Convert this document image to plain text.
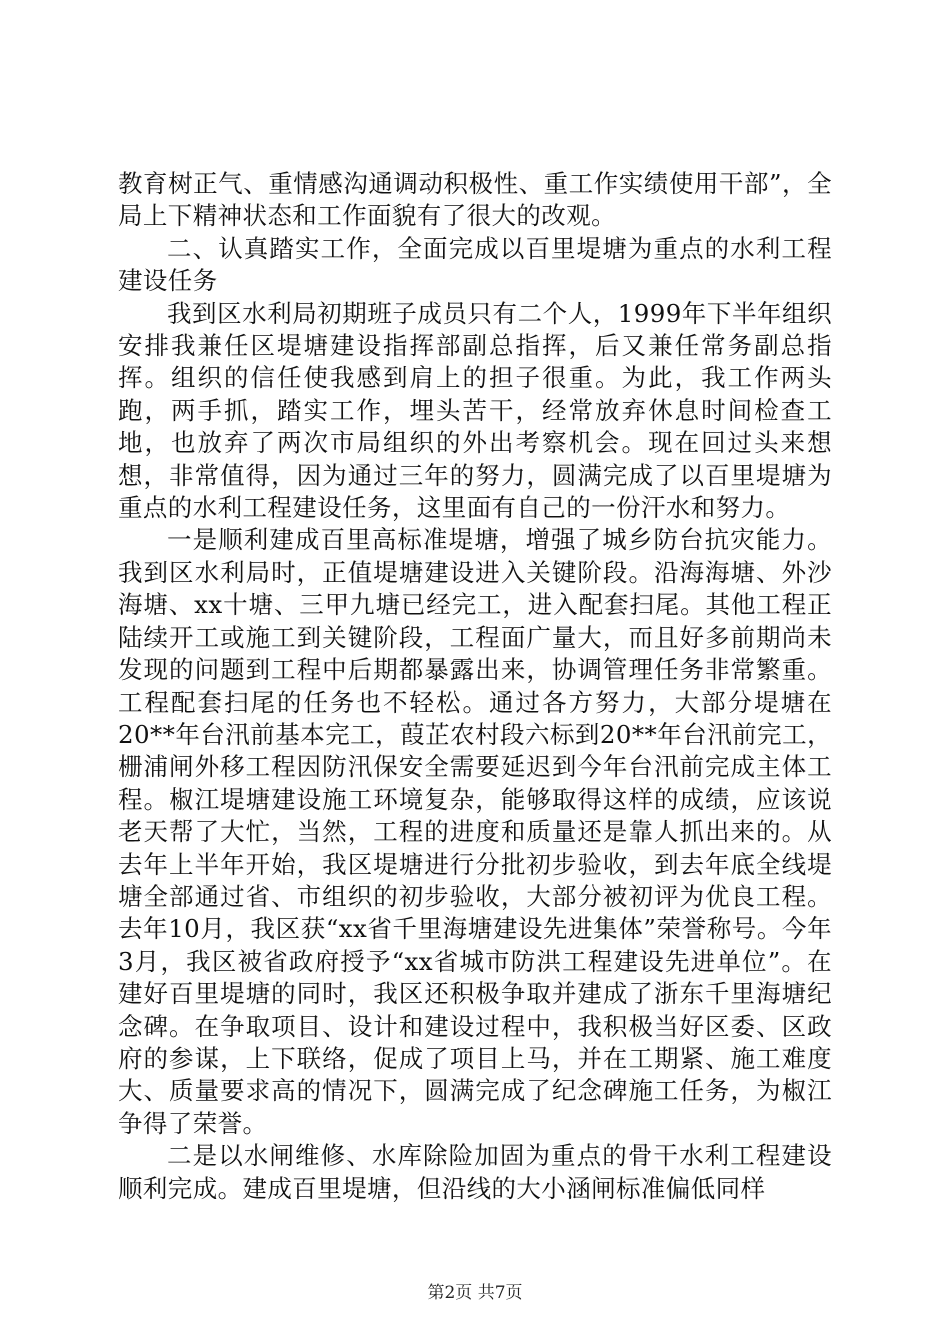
教育树正气、重情感沟通调动积极性、重工作实绩使用干部”，全局上下精神状态和工作面貌有了很大的改观。

二、认真踏实工作，全面完成以百里堤塘为重点的水利工程建设任务

我到区水利局初期班子成员只有二个人，1999年下半年组织安排我兼任区堤塘建设指挥部副总指挥，后又兼任常务副总指挥。组织的信任使我感到肩上的担子很重。为此，我工作两头跑，两手抓，踏实工作，埋头苦干，经常放弃休息时间检查工地，也放弃了两次市局组织的外出考察机会。现在回过头来想想，非常值得，因为通过三年的努力，圆满完成了以百里堤塘为重点的水利工程建设任务，这里面有自己的一份汗水和努力。

一是顺利建成百里高标准堤塘，增强了城乡防台抗灾能力。我到区水利局时，正值堤塘建设进入关键阶段。沿海海塘、外沙海塘、xx十塘、三甲九塘已经完工，进入配套扫尾。其他工程正陆续开工或施工到关键阶段，工程面广量大，而且好多前期尚未发现的问题到工程中后期都暴露出来，协调管理任务非常繁重。工程配套扫尾的任务也不轻松。通过各方努力，大部分堤塘在20**年台汛前基本完工，葭芷农村段六标到20**年台汛前完工，栅浦闸外移工程因防汛保安全需要延迟到今年台汛前完成主体工程。椒江堤塘建设施工环境复杂，能够取得这样的成绩，应该说老天帮了大忙，当然，工程的进度和质量还是靠人抓出来的。从去年上半年开始，我区堤塘进行分批初步验收，到去年底全线堤塘全部通过省、市组织的初步验收，大部分被初评为优良工程。去年10月，我区获“xx省千里海塘建设先进集体”荣誉称号。今年3月，我区被省政府授予“xx省城市防洪工程建设先进单位”。在建好百里堤塘的同时，我区还积极争取并建成了浙东千里海塘纪念碑。在争取项目、设计和建设过程中，我积极当好区委、区政府的参谋，上下联络，促成了项目上马，并在工期紧、施工难度大、质量要求高的情况下，圆满完成了纪念碑施工任务，为椒江争得了荣誉。

二是以水闸维修、水库除险加固为重点的骨干水利工程建设顺利完成。建成百里堤塘，但沿线的大小涵闸标准偏低同样

第2页 共7页
